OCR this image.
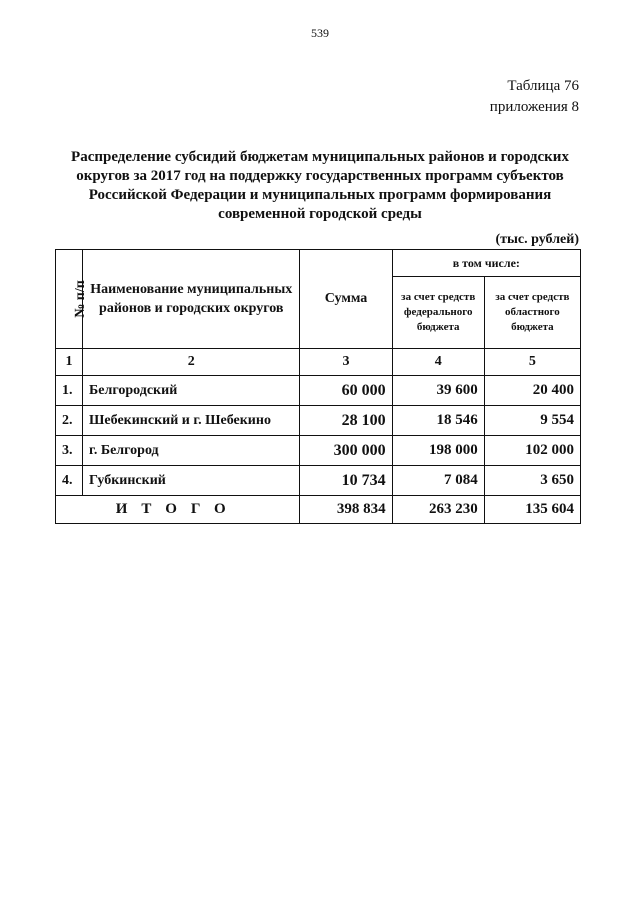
539
Таблица 76
приложения 8
Распределение субсидий бюджетам муниципальных районов и городских округов за 2017 год на поддержку государственных программ субъектов Российской Федерации и муниципальных программ формирования современной городской среды
(тыс. рублей)
№ п/п	Наименование муниципальных районов и городских округов	Сумма	в том числе:	
			за счет средств федерального бюджета	за счет средств областного бюджета
1	2	3	4	5
1.	Белгородский	60 000	39 600	20 400
2.	Шебекинский и г. Шебекино	28 100	18 546	9 554
3.	г. Белгород	300 000	198 000	102 000
4.	Губкинский	10 734	7 084	3 650
ИТОГО		398 834	263 230	135 604
